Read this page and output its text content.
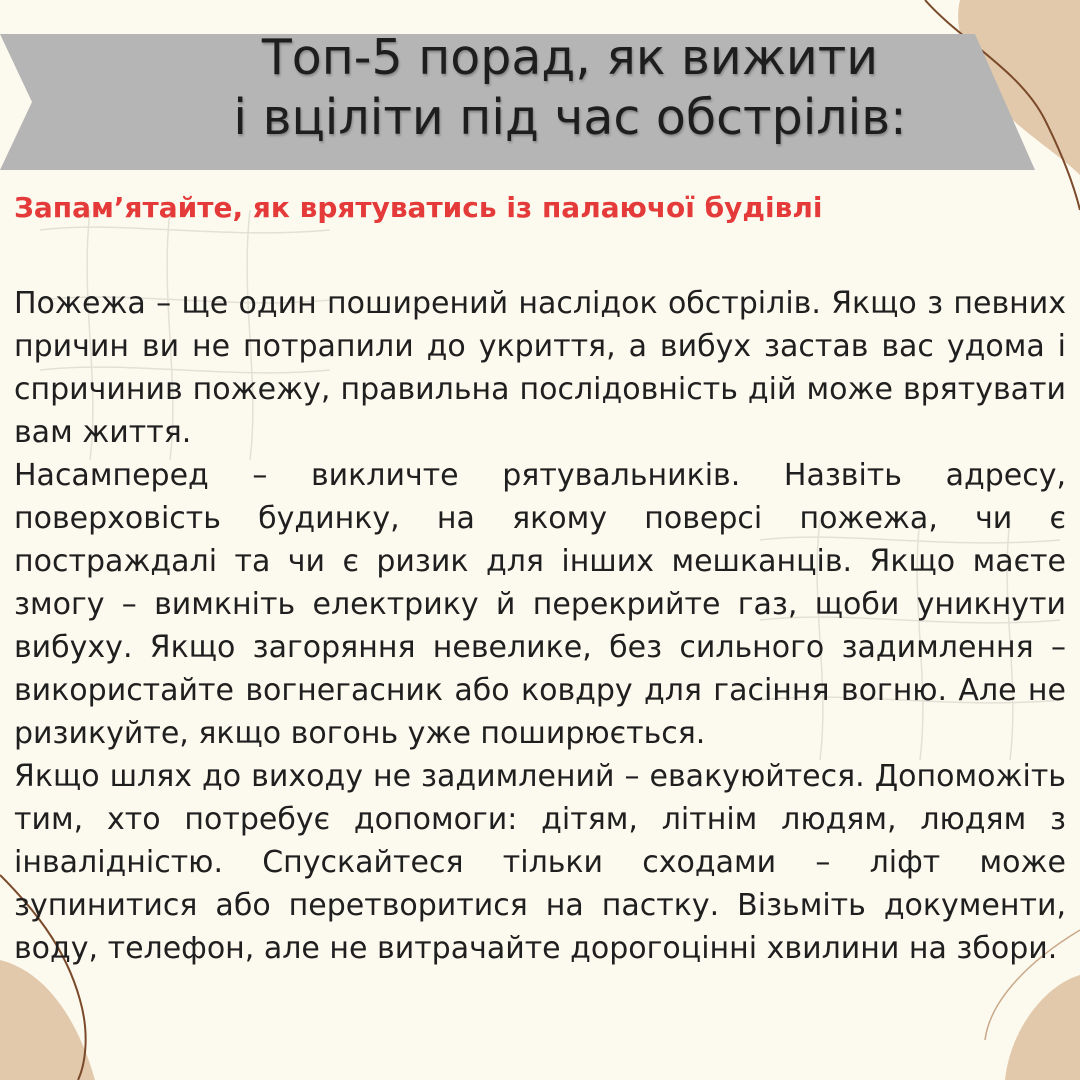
Топ-5 порад, як вижити
і вціліти під час обстрілів:
Запам’ятайте, як врятуватись із палаючої будівлі

Пожежа – ще один поширений наслідок обстрілів. Якщо з певних причин ви не потрапили до укриття, а вибух застав вас удома і спричинив пожежу, правильна послідовність дій може врятувати вам життя.

Насамперед – викличте рятувальників. Назвіть адресу, поверховість будинку, на якому поверсі пожежа, чи є постраждалі та чи є ризик для інших мешканців. Якщо маєте змогу – вимкніть електрику й перекрийте газ, щоби уникнути вибуху. Якщо загоряння невелике, без сильного задимлення – використайте вогнегасник або ковдру для гасіння вогню. Але не ризикуйте, якщо вогонь уже поширюється.

Якщо шлях до виходу не задимлений – евакуюйтеся. Допоможіть тим, хто потребує допомоги: дітям, літнім людям, людям з інвалідністю. Спускайтеся тільки сходами – ліфт може зупинитися або перетворитися на пастку. Візьміть документи, воду, телефон, але не витрачайте дорогоцінні хвилини на збори.
